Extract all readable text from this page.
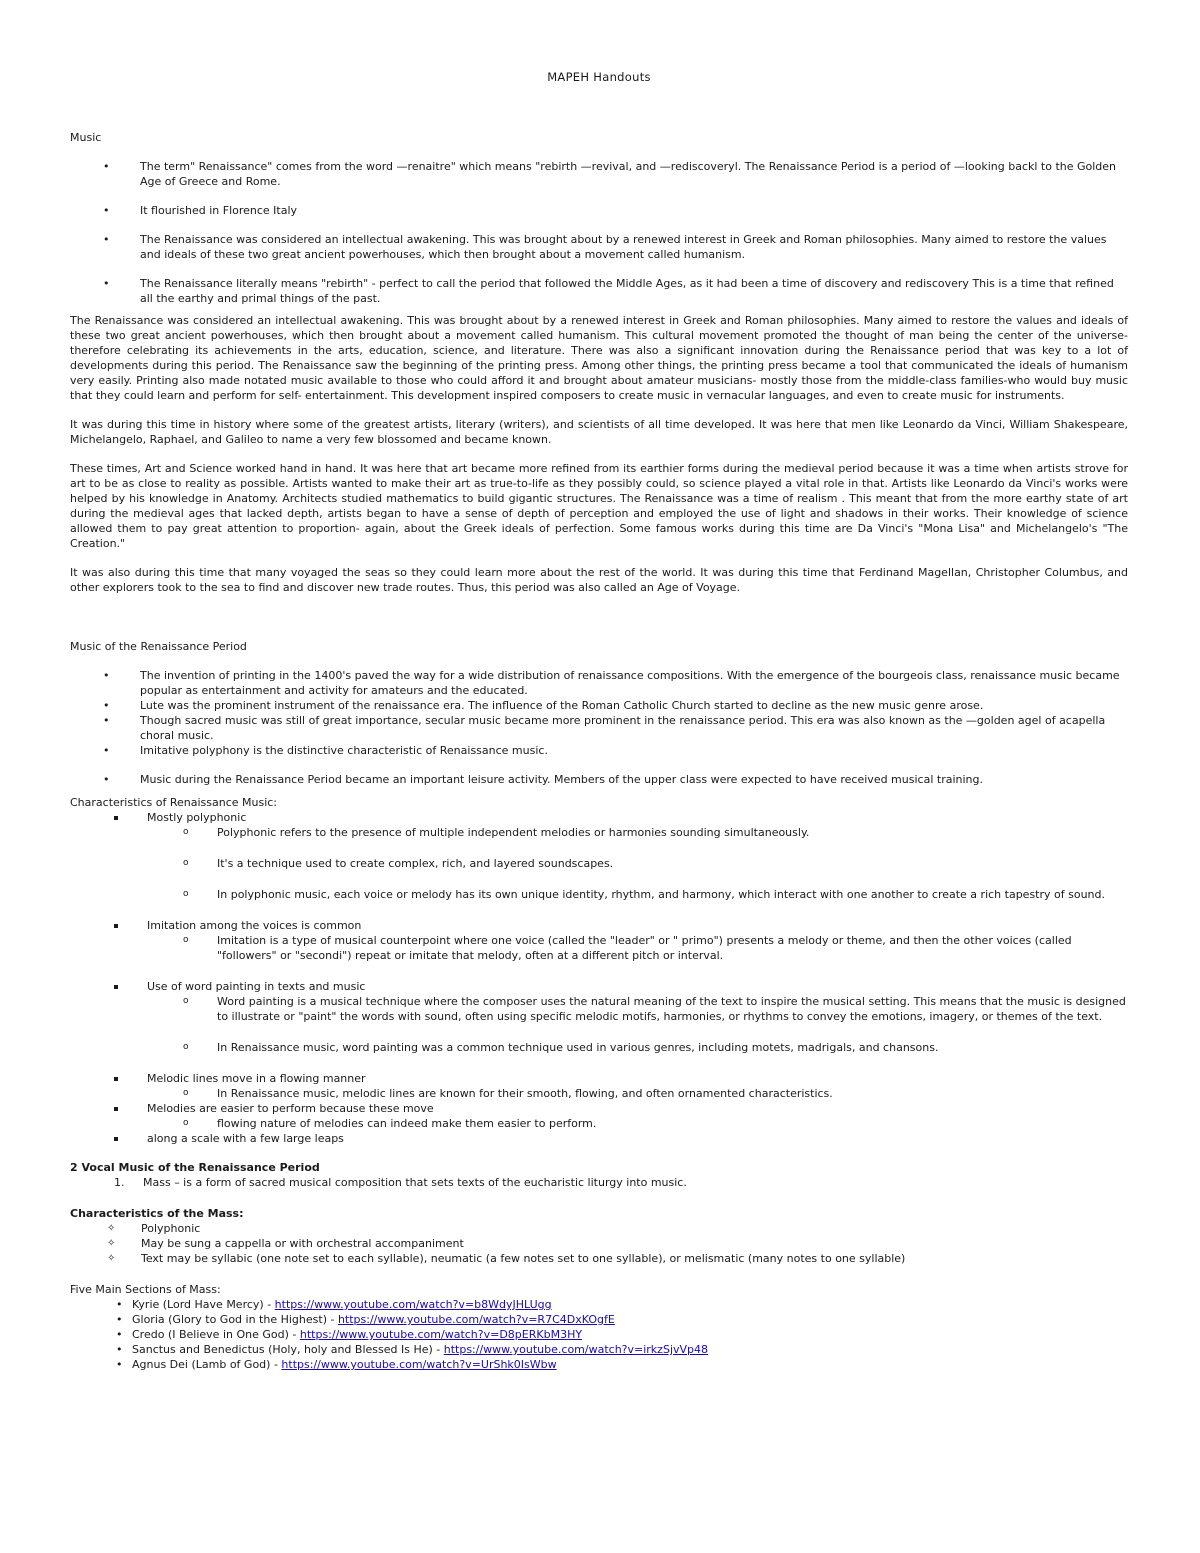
MAPEH Handouts
Music
• The term" Renaissance" comes from the word —renaitre" which means "rebirth —revival, and —rediscoveryl. The Renaissance Period is a period of —looking backl to the Golden Age of Greece and Rome.
• It flourished in Florence Italy
• The Renaissance was considered an intellectual awakening. This was brought about by a renewed interest in Greek and Roman philosophies. Many aimed to restore the values and ideals of these two great ancient powerhouses, which then brought about a movement called humanism.
• The Renaissance literally means "rebirth" - perfect to call the period that followed the Middle Ages, as it had been a time of discovery and rediscovery This is a time that refined all the earthy and primal things of the past.

The Renaissance was considered an intellectual awakening. This was brought about by a renewed interest in Greek and Roman philosophies. Many aimed to restore the values and ideals of these two great ancient powerhouses, which then brought about a movement called humanism. This cultural movement promoted the thought of man being the center of the universe- therefore celebrating its achievements in the arts, education, science, and literature. There was also a significant innovation during the Renaissance period that was key to a lot of developments during this period. The Renaissance saw the beginning of the printing press. Among other things, the printing press became a tool that communicated the ideals of humanism very easily. Printing also made notated music available to those who could afford it and brought about amateur musicians- mostly those from the middle-class families-who would buy music that they could learn and perform for self- entertainment. This development inspired composers to create music in vernacular languages, and even to create music for instruments.

It was during this time in history where some of the greatest artists, literary (writers), and scientists of all time developed. It was here that men like Leonardo da Vinci, William Shakespeare, Michelangelo, Raphael, and Galileo to name a very few blossomed and became known.

These times, Art and Science worked hand in hand. It was here that art became more refined from its earthier forms during the medieval period because it was a time when artists strove for art to be as close to reality as possible. Artists wanted to make their art as true-to-life as they possibly could, so science played a vital role in that. Artists like Leonardo da Vinci's works were helped by his knowledge in Anatomy. Architects studied mathematics to build gigantic structures. The Renaissance was a time of realism . This meant that from the more earthy state of art during the medieval ages that lacked depth, artists began to have a sense of depth of perception and employed the use of light and shadows in their works. Their knowledge of science allowed them to pay great attention to proportion- again, about the Greek ideals of perfection. Some famous works during this time are Da Vinci's "Mona Lisa" and Michelangelo's "The Creation."

It was also during this time that many voyaged the seas so they could learn more about the rest of the world. It was during this time that Ferdinand Magellan, Christopher Columbus, and other explorers took to the sea to find and discover new trade routes. Thus, this period was also called an Age of Voyage.

Music of the Renaissance Period
• The invention of printing in the 1400's paved the way for a wide distribution of renaissance compositions. With the emergence of the bourgeois class, renaissance music became popular as entertainment and activity for amateurs and the educated.
• Lute was the prominent instrument of the renaissance era. The influence of the Roman Catholic Church started to decline as the new music genre arose.
• Though sacred music was still of great importance, secular music became more prominent in the renaissance period. This era was also known as the —golden agel of acapella choral music.
• Imitative polyphony is the distinctive characteristic of Renaissance music.
• Music during the Renaissance Period became an important leisure activity. Members of the upper class were expected to have received musical training.
Characteristics of Renaissance Music:
Mostly polyphonic
o Polyphonic refers to the presence of multiple independent melodies or harmonies sounding simultaneously.
o It's a technique used to create complex, rich, and layered soundscapes.
o In polyphonic music, each voice or melody has its own unique identity, rhythm, and harmony, which interact with one another to create a rich tapestry of sound.
Imitation among the voices is common
o Imitation is a type of musical counterpoint where one voice (called the "leader" or " primo") presents a melody or theme, and then the other voices (called "followers" or "secondi") repeat or imitate that melody, often at a different pitch or interval.
Use of word painting in texts and music
o Word painting is a musical technique where the composer uses the natural meaning of the text to inspire the musical setting. This means that the music is designed to illustrate or "paint" the words with sound, often using specific melodic motifs, harmonies, or rhythms to convey the emotions, imagery, or themes of the text.
o In Renaissance music, word painting was a common technique used in various genres, including motets, madrigals, and chansons.
Melodic lines move in a flowing manner
o In Renaissance music, melodic lines are known for their smooth, flowing, and often ornamented characteristics.
Melodies are easier to perform because these move
o flowing nature of melodies can indeed make them easier to perform.
along a scale with a few large leaps
2 Vocal Music of the Renaissance Period
1. Mass – is a form of sacred musical composition that sets texts of the eucharistic liturgy into music.
Characteristics of the Mass:
✧ Polyphonic
✧ May be sung a cappella or with orchestral accompaniment
✧ Text may be syllabic (one note set to each syllable), neumatic (a few notes set to one syllable), or melismatic (many notes to one syllable)
Five Main Sections of Mass:
• Kyrie (Lord Have Mercy) - https://www.youtube.com/watch?v=b8WdyJHLUgg
• Gloria (Glory to God in the Highest) - https://www.youtube.com/watch?v=R7C4DxKOgfE
• Credo (I Believe in One God) - https://www.youtube.com/watch?v=D8pERKbM3HY
• Sanctus and Benedictus (Holy, holy and Blessed Is He) - https://www.youtube.com/watch?v=irkzSjvVp48
• Agnus Dei (Lamb of God) - https://www.youtube.com/watch?v=UrShk0IsWbw
